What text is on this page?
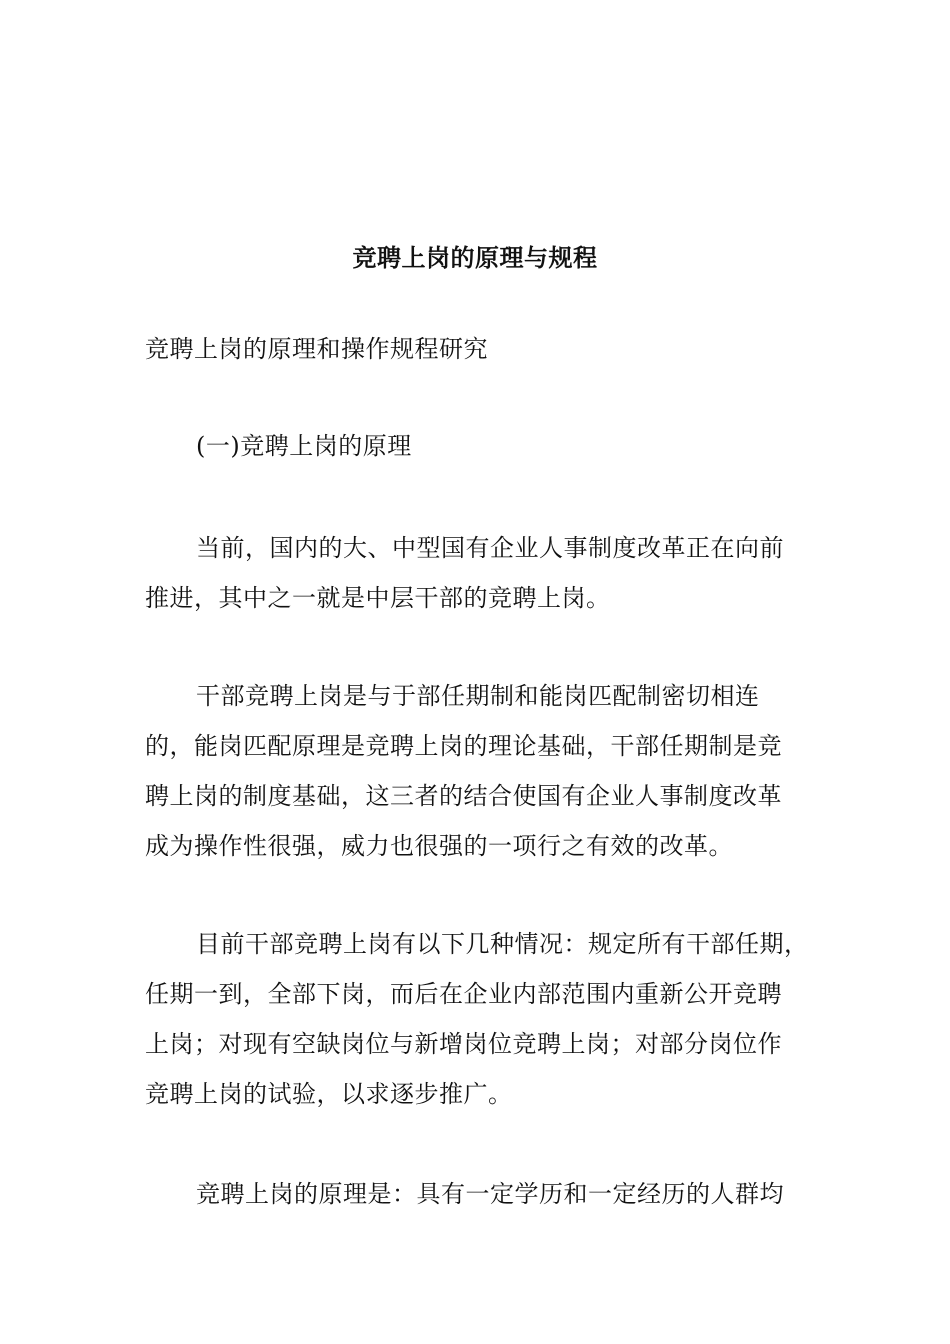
竞聘上岗的原理与规程
竞聘上岗的原理和操作规程研究
(一)竞聘上岗的原理
当前，国内的大、中型国有企业人事制度改革正在向前
推进，其中之一就是中层干部的竞聘上岗。
干部竞聘上岗是与于部任期制和能岗匹配制密切相连
的，能岗匹配原理是竞聘上岗的理论基础，干部任期制是竞
聘上岗的制度基础，这三者的结合使国有企业人事制度改革
成为操作性很强，威力也很强的一项行之有效的改革。
目前干部竞聘上岗有以下几种情况：规定所有干部任期，
任期一到，全部下岗，而后在企业内部范围内重新公开竞聘
上岗；对现有空缺岗位与新增岗位竞聘上岗；对部分岗位作
竞聘上岗的试验，以求逐步推广。
竞聘上岗的原理是：具有一定学历和一定经历的人群均
